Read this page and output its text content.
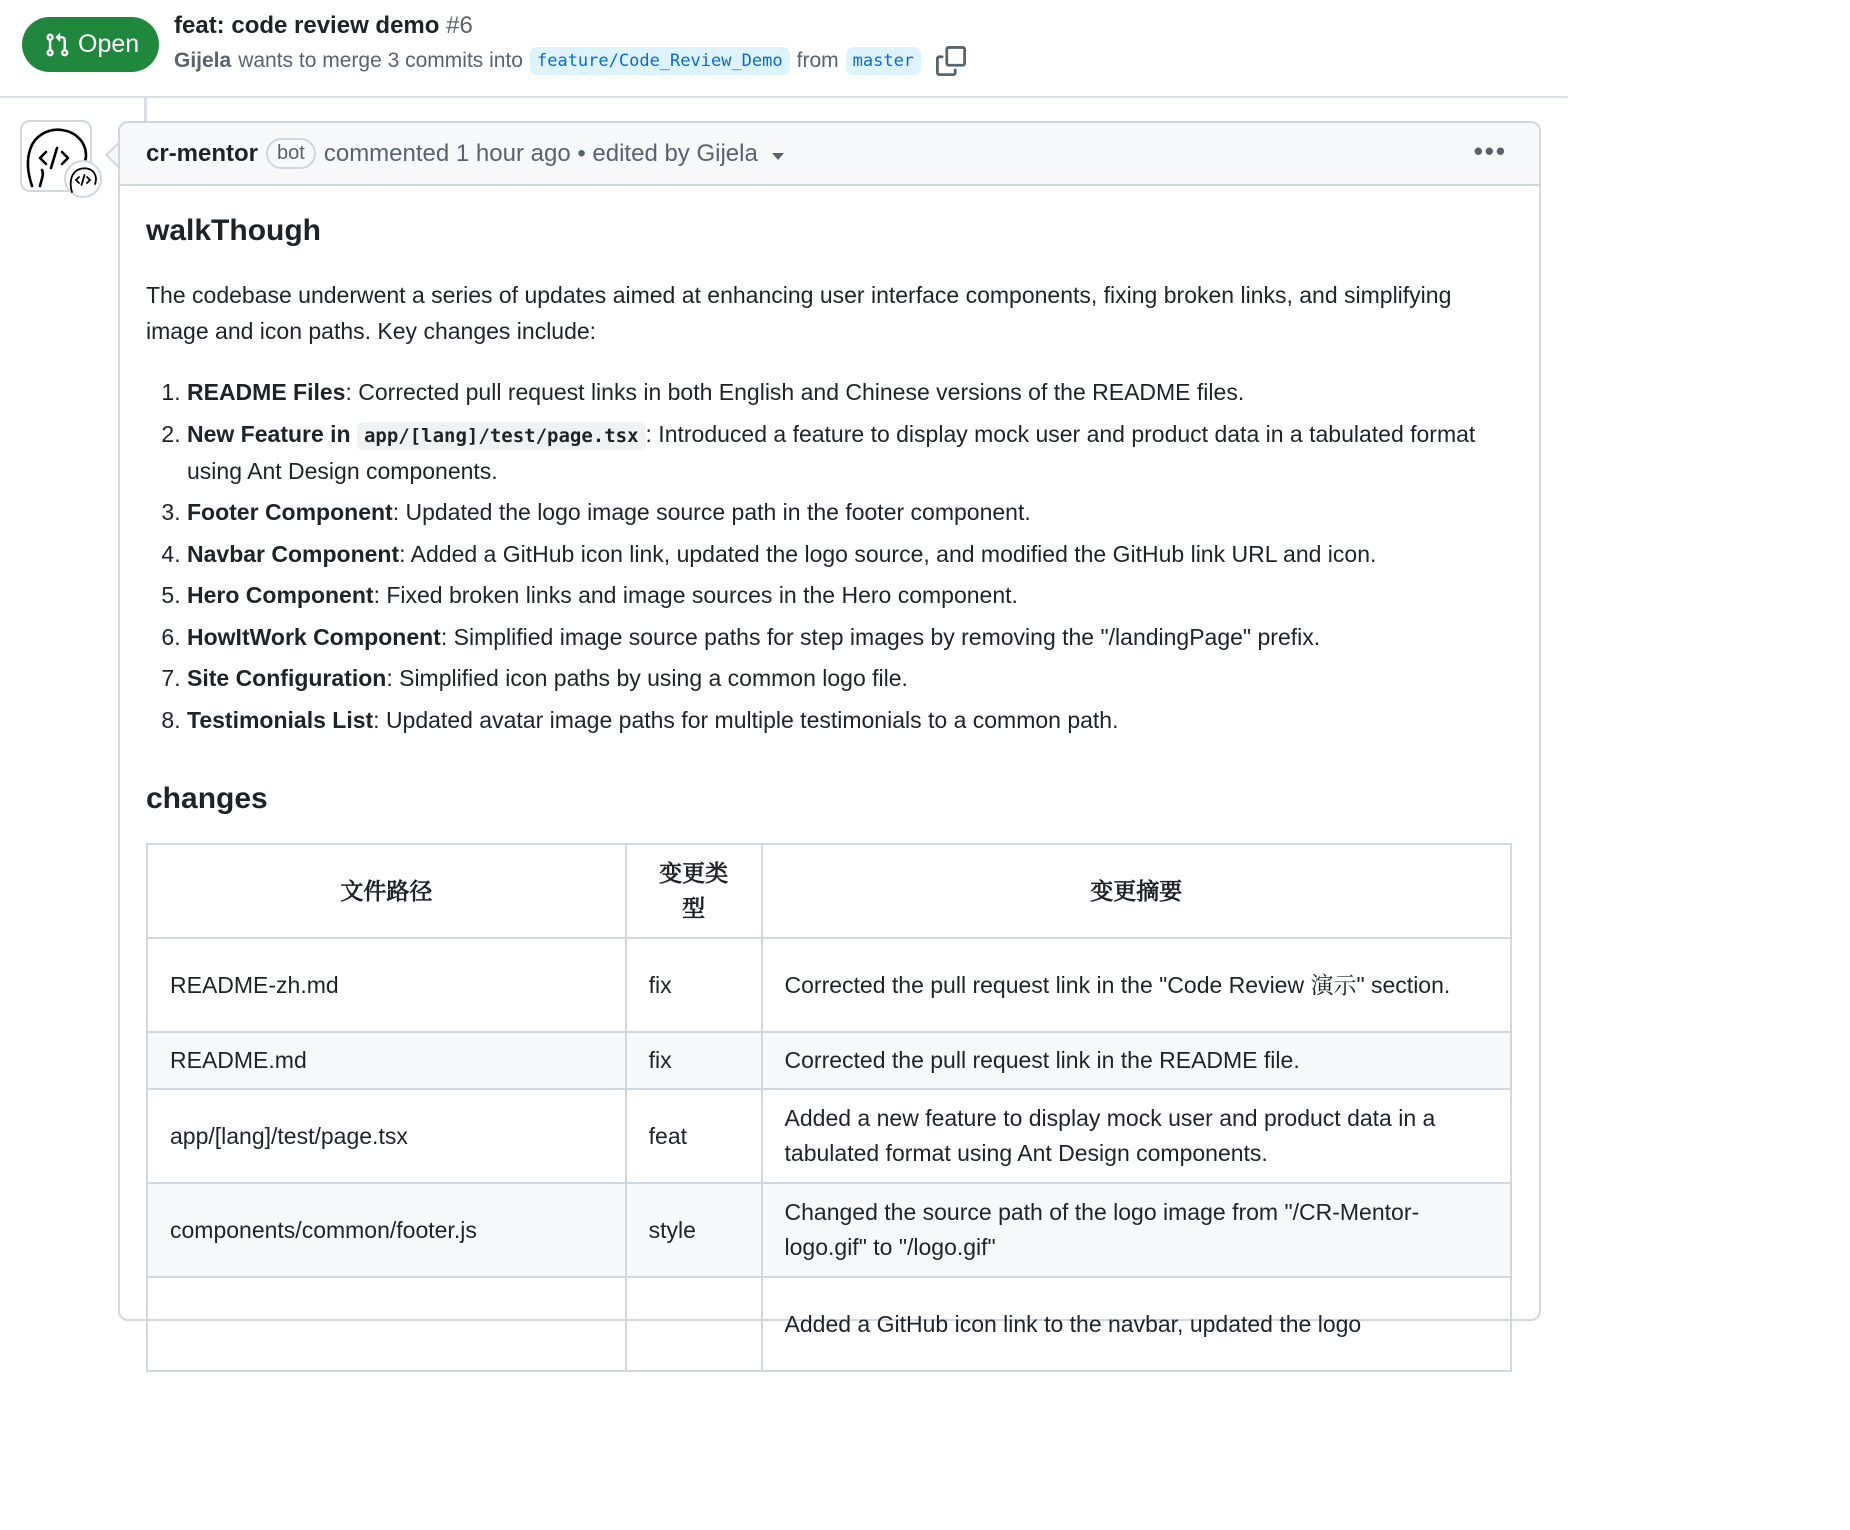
Open
feat: code review demo #6
Gijela wants to merge 3 commits into feature/Code_Review_Demo from master
cr-mentor bot commented 1 hour ago • edited by Gijela	•••
walkThough

The codebase underwent a series of updates aimed at enhancing user interface components, fixing broken links, and simplifying image and icon paths. Key changes include:

1. README Files: Corrected pull request links in both English and Chinese versions of the README files.
2. New Feature in app/[lang]/test/page.tsx : Introduced a feature to display mock user and product data in a tabulated format using Ant Design components.
3. Footer Component: Updated the logo image source path in the footer component.
4. Navbar Component: Added a GitHub icon link, updated the logo source, and modified the GitHub link URL and icon.
5. Hero Component: Fixed broken links and image sources in the Hero component.
6. HowItWork Component: Simplified image source paths for step images by removing the "/landingPage" prefix.
7. Site Configuration: Simplified icon paths by using a common logo file.
8. Testimonials List: Updated avatar image paths for multiple testimonials to a common path.
changes
文件路径	变更类型	变更摘要
README-zh.md	fix	Corrected the pull request link in the "Code Review 演示" section.
README.md	fix	Corrected the pull request link in the README file.
app/[lang]/test/page.tsx	feat	Added a new feature to display mock user and product data in a tabulated format using Ant Design components.
components/common/footer.js	style	Changed the source path of the logo image from "/CR-Mentor-logo.gif" to "/logo.gif"
		Added a GitHub icon link to the navbar, updated the logo
